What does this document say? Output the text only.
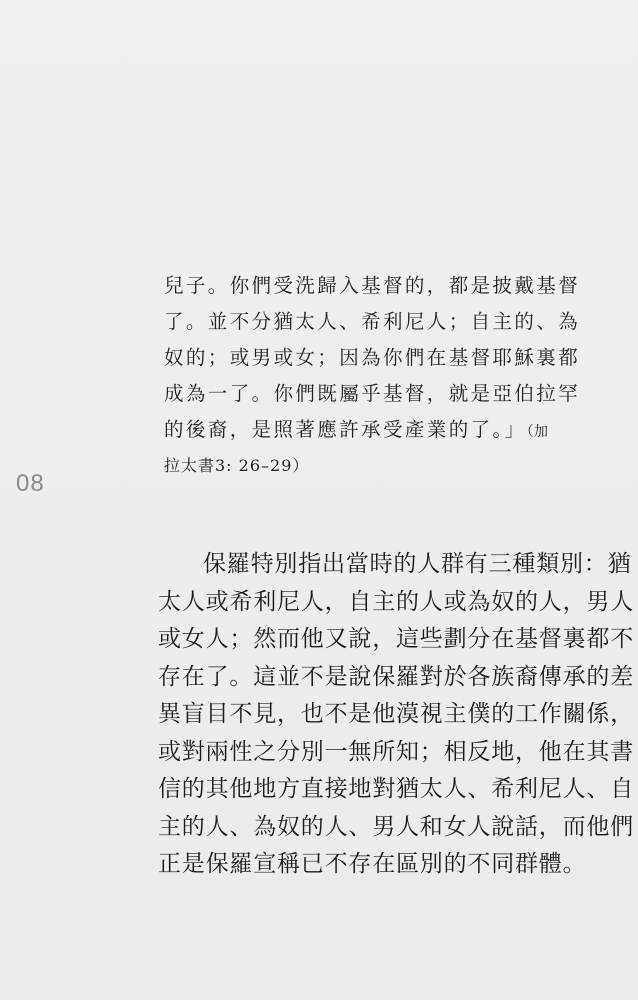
兒子。你們受洗歸入基督的，都是披戴基督
了。並不分猶太人、希利尼人；自主的、為
奴的；或男或女；因為你們在基督耶穌裏都
成為一了。你們既屬乎基督，就是亞伯拉罕
的後裔，是照著應許承受產業的了。」（加
拉太書3: 26–29）
08
保羅特別指出當時的人群有三種類別：猶
太人或希利尼人，自主的人或為奴的人，男人
或女人；然而他又說，這些劃分在基督裏都不
存在了。這並不是說保羅對於各族裔傳承的差
異盲目不見，也不是他漠視主僕的工作關係，
或對兩性之分別一無所知；相反地，他在其書
信的其他地方直接地對猶太人、希利尼人、自
主的人、為奴的人、男人和女人說話，而他們
正是保羅宣稱已不存在區別的不同群體。
